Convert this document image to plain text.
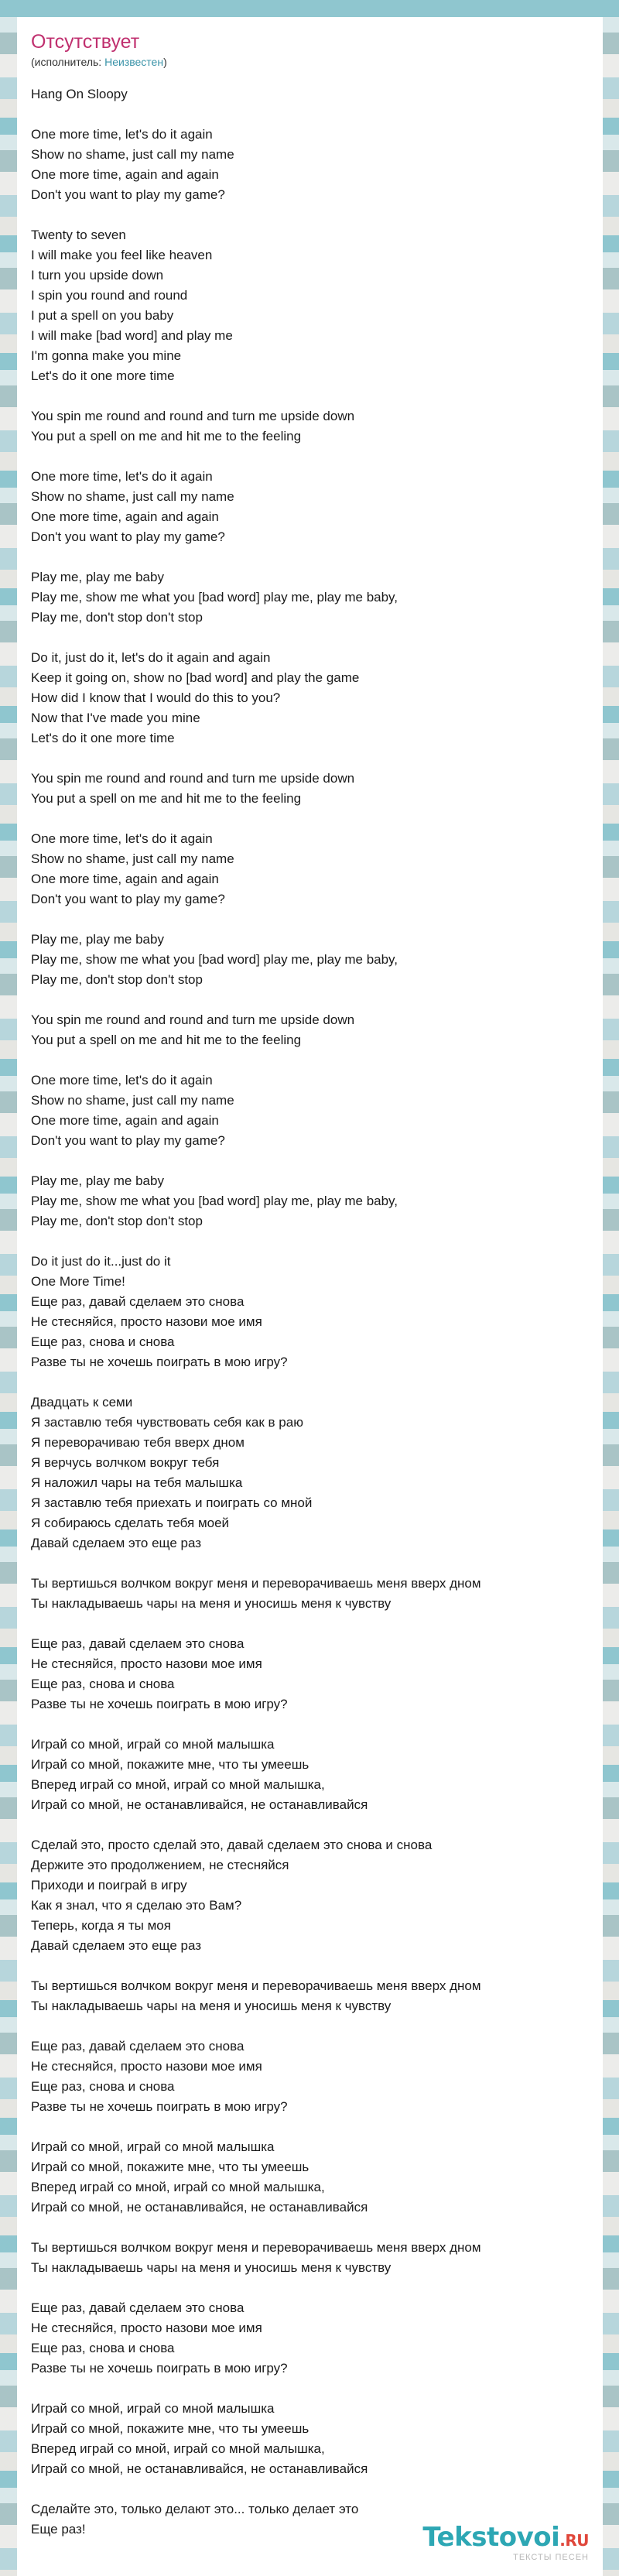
Отсутствует
(исполнитель: Неизвестен)
Hang On Sloopy
One more time, let's do it again
Show no shame, just call my name
One more time, again and again
Don't you want to play my game?
Twenty to seven
I will make you feel like heaven
I turn you upside down
I spin you round and round
I put a spell on you baby
I will make [bad word] and play me
I'm gonna make you mine
Let's do it one more time
You spin me round and round and turn me upside down
You put a spell on me and hit me to the feeling
One more time, let's do it again
Show no shame, just call my name
One more time, again and again
Don't you want to play my game?
Play me, play me baby
Play me, show me what you [bad word] play me, play me baby,
Play me, don't stop don't stop
Do it, just do it, let's do it again and again
Keep it going on, show no [bad word] and play the game
How did I know that I would do this to you?
Now that I've made you mine
Let's do it one more time
You spin me round and round and turn me upside down
You put a spell on me and hit me to the feeling
One more time, let's do it again
Show no shame, just call my name
One more time, again and again
Don't you want to play my game?
Play me, play me baby
Play me, show me what you [bad word] play me, play me baby,
Play me, don't stop don't stop
You spin me round and round and turn me upside down
You put a spell on me and hit me to the feeling
One more time, let's do it again
Show no shame, just call my name
One more time, again and again
Don't you want to play my game?
Play me, play me baby
Play me, show me what you [bad word] play me, play me baby,
Play me, don't stop don't stop
Do it just do it...just do it
One More Time!
Еще раз, давай сделаем это снова
Не стесняйся, просто назови мое имя
Еще раз, снова и снова
Разве ты не хочешь поиграть в мою игру?
Двадцать к семи
Я заставлю тебя чувствовать себя как в раю
Я переворачиваю тебя вверх дном
Я верчусь волчком вокруг тебя
Я наложил чары на тебя малышка
Я заставлю тебя приехать и поиграть со мной
Я собираюсь сделать тебя моей
Давай сделаем это еще раз
Ты вертишься волчком вокруг меня и переворачиваешь меня вверх дном
Ты накладываешь чары на меня и уносишь меня к чувству
Еще раз, давай сделаем это снова
Не стесняйся, просто назови мое имя
Еще раз, снова и снова
Разве ты не хочешь поиграть в мою игру?
Играй со мной, играй со мной малышка
Играй со мной, покажите мне, что ты умеешь
Вперед играй со мной, играй со мной малышка,
Играй со мной, не останавливайся, не останавливайся
Сделай это, просто сделай это, давай сделаем это снова и снова
Держите это продолжением, не стесняйся
Приходи и поиграй в игру
Как я знал, что я сделаю это Вам?
Теперь, когда я ты моя
Давай сделаем это еще раз
Ты вертишься волчком вокруг меня и переворачиваешь меня вверх дном
Ты накладываешь чары на меня и уносишь меня к чувству
Еще раз, давай сделаем это снова
Не стесняйся, просто назови мое имя
Еще раз, снова и снова
Разве ты не хочешь поиграть в мою игру?
Играй со мной, играй со мной малышка
Играй со мной, покажите мне, что ты умеешь
Вперед играй со мной, играй со мной малышка,
Играй со мной, не останавливайся, не останавливайся
Ты вертишься волчком вокруг меня и переворачиваешь меня вверх дном
Ты накладываешь чары на меня и уносишь меня к чувству
Еще раз, давай сделаем это снова
Не стесняйся, просто назови мое имя
Еще раз, снова и снова
Разве ты не хочешь поиграть в мою игру?
Играй со мной, играй со мной малышка
Играй со мной, покажите мне, что ты умеешь
Вперед играй со мной, играй со мной малышка,
Играй со мной, не останавливайся, не останавливайся
Сделайте это, только делают это... только делает это
Еще раз!	Tekstovoi.RU
ТЕКСТЫ ПЕСЕН
